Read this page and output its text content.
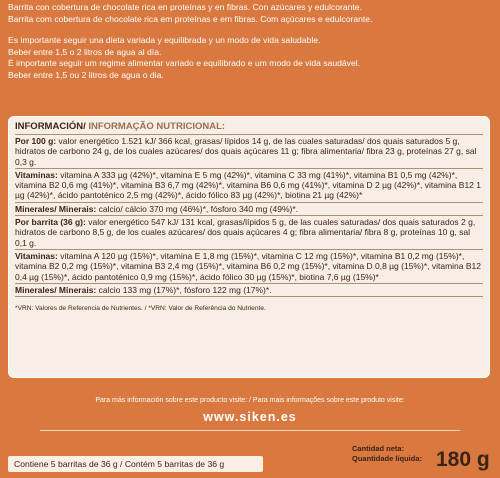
Barrita con cobertura de chocolate rica en proteínas y en fibras. Con azúcares y edulcorante.
Barrita com cobertura de chocolate rica em proteínas e em fibras. Com açúcares e edulcorante.
Es importante seguir una dieta variada y equilibrada y un modo de vida saludable.
Beber entre 1,5 o 2 litros de agua al día.
É importante seguir um regime alimentar variado e equilibrado e um modo de vida saudável.
Beber entre 1,5 ou 2 litros de agua o dia.
INFORMACIÓN/ INFORMAÇÃO NUTRICIONAL:

Por 100 g: valor energético 1.521 kJ/ 366 kcal, grasas/ lípidos 14 g, de las cuales saturadas/ dos quais saturados 5 g, hidratos de carbono 24 g, de los cuales azúcares/ dos quais açúcares 11 g; fibra alimentaria/ fibra 23 g, proteínas 27 g, sal 0,3 g.

Vitaminas: vitamina A 333 µg (42%)*, vitamina E 5 mg (42%)*, vitamina C 33 mg (41%)*, vitamina B1 0,5 mg (42%)*, vitamina B2 0,6 mg (41%)*, vitamina B3 6,7 mg (42%)*, vitamina B6 0,6 mg (41%)*, vitamina D 2 µg (42%)*, vitamina B12 1 µg (42%)*, ácido pantoténico 2,5 mg (42%)*, ácido fólico 83 µg (42%)*, biotina 21 µg (42%)*

Minerales/ Minerais: calcio/ cálcio 370 mg (46%)*, fósforo 340 mg (49%)*.

Por barrita (36 g): valor energético 547 kJ/ 131 kcal, grasas/lípidos 5 g, de las cuales saturadas/ dos quais saturados 2 g, hidratos de carbono 8,5 g, de los cuales azúcares/ dos quais açúcares 4 g; fibra alimentaria/ fibra 8 g, proteínas 10 g, sal 0,1 g.

Vitaminas: vitamina A 120 µg (15%)*, vitamina E 1,8 mg (15%)*, vitamina C 12 mg (15%)*, vitamina B1 0,2 mg (15%)*, vitamina B2 0,2 mg (15%)*, vitamina B3 2,4 mg (15%)*, vitamina B6 0,2 mg (15%)*, vitamina D 0,8 µg (15%)*, vitamina B12 0,4 µg (15%)*, ácido pantoténico 0,9 mg (15%)*, ácido fólico 30 µg (15%)*, biotina 7,6 µg (15%)*

Minerales/ Minerais: calcio 133 mg (17%)*, fósforo 122 mg (17%)*.

*VRN: Valores de Referencia de Nutrientes. / *VRN: Valor de Referência do Nutriente.
Para más información sobre este producto visite: / Para mais informações sobre este produto visite:
www.siken.es
Contiene 5 barritas de 36 g / Contém 5 barritas de 36 g
Cantidad neta:
Quantidade líquida: 180 g
